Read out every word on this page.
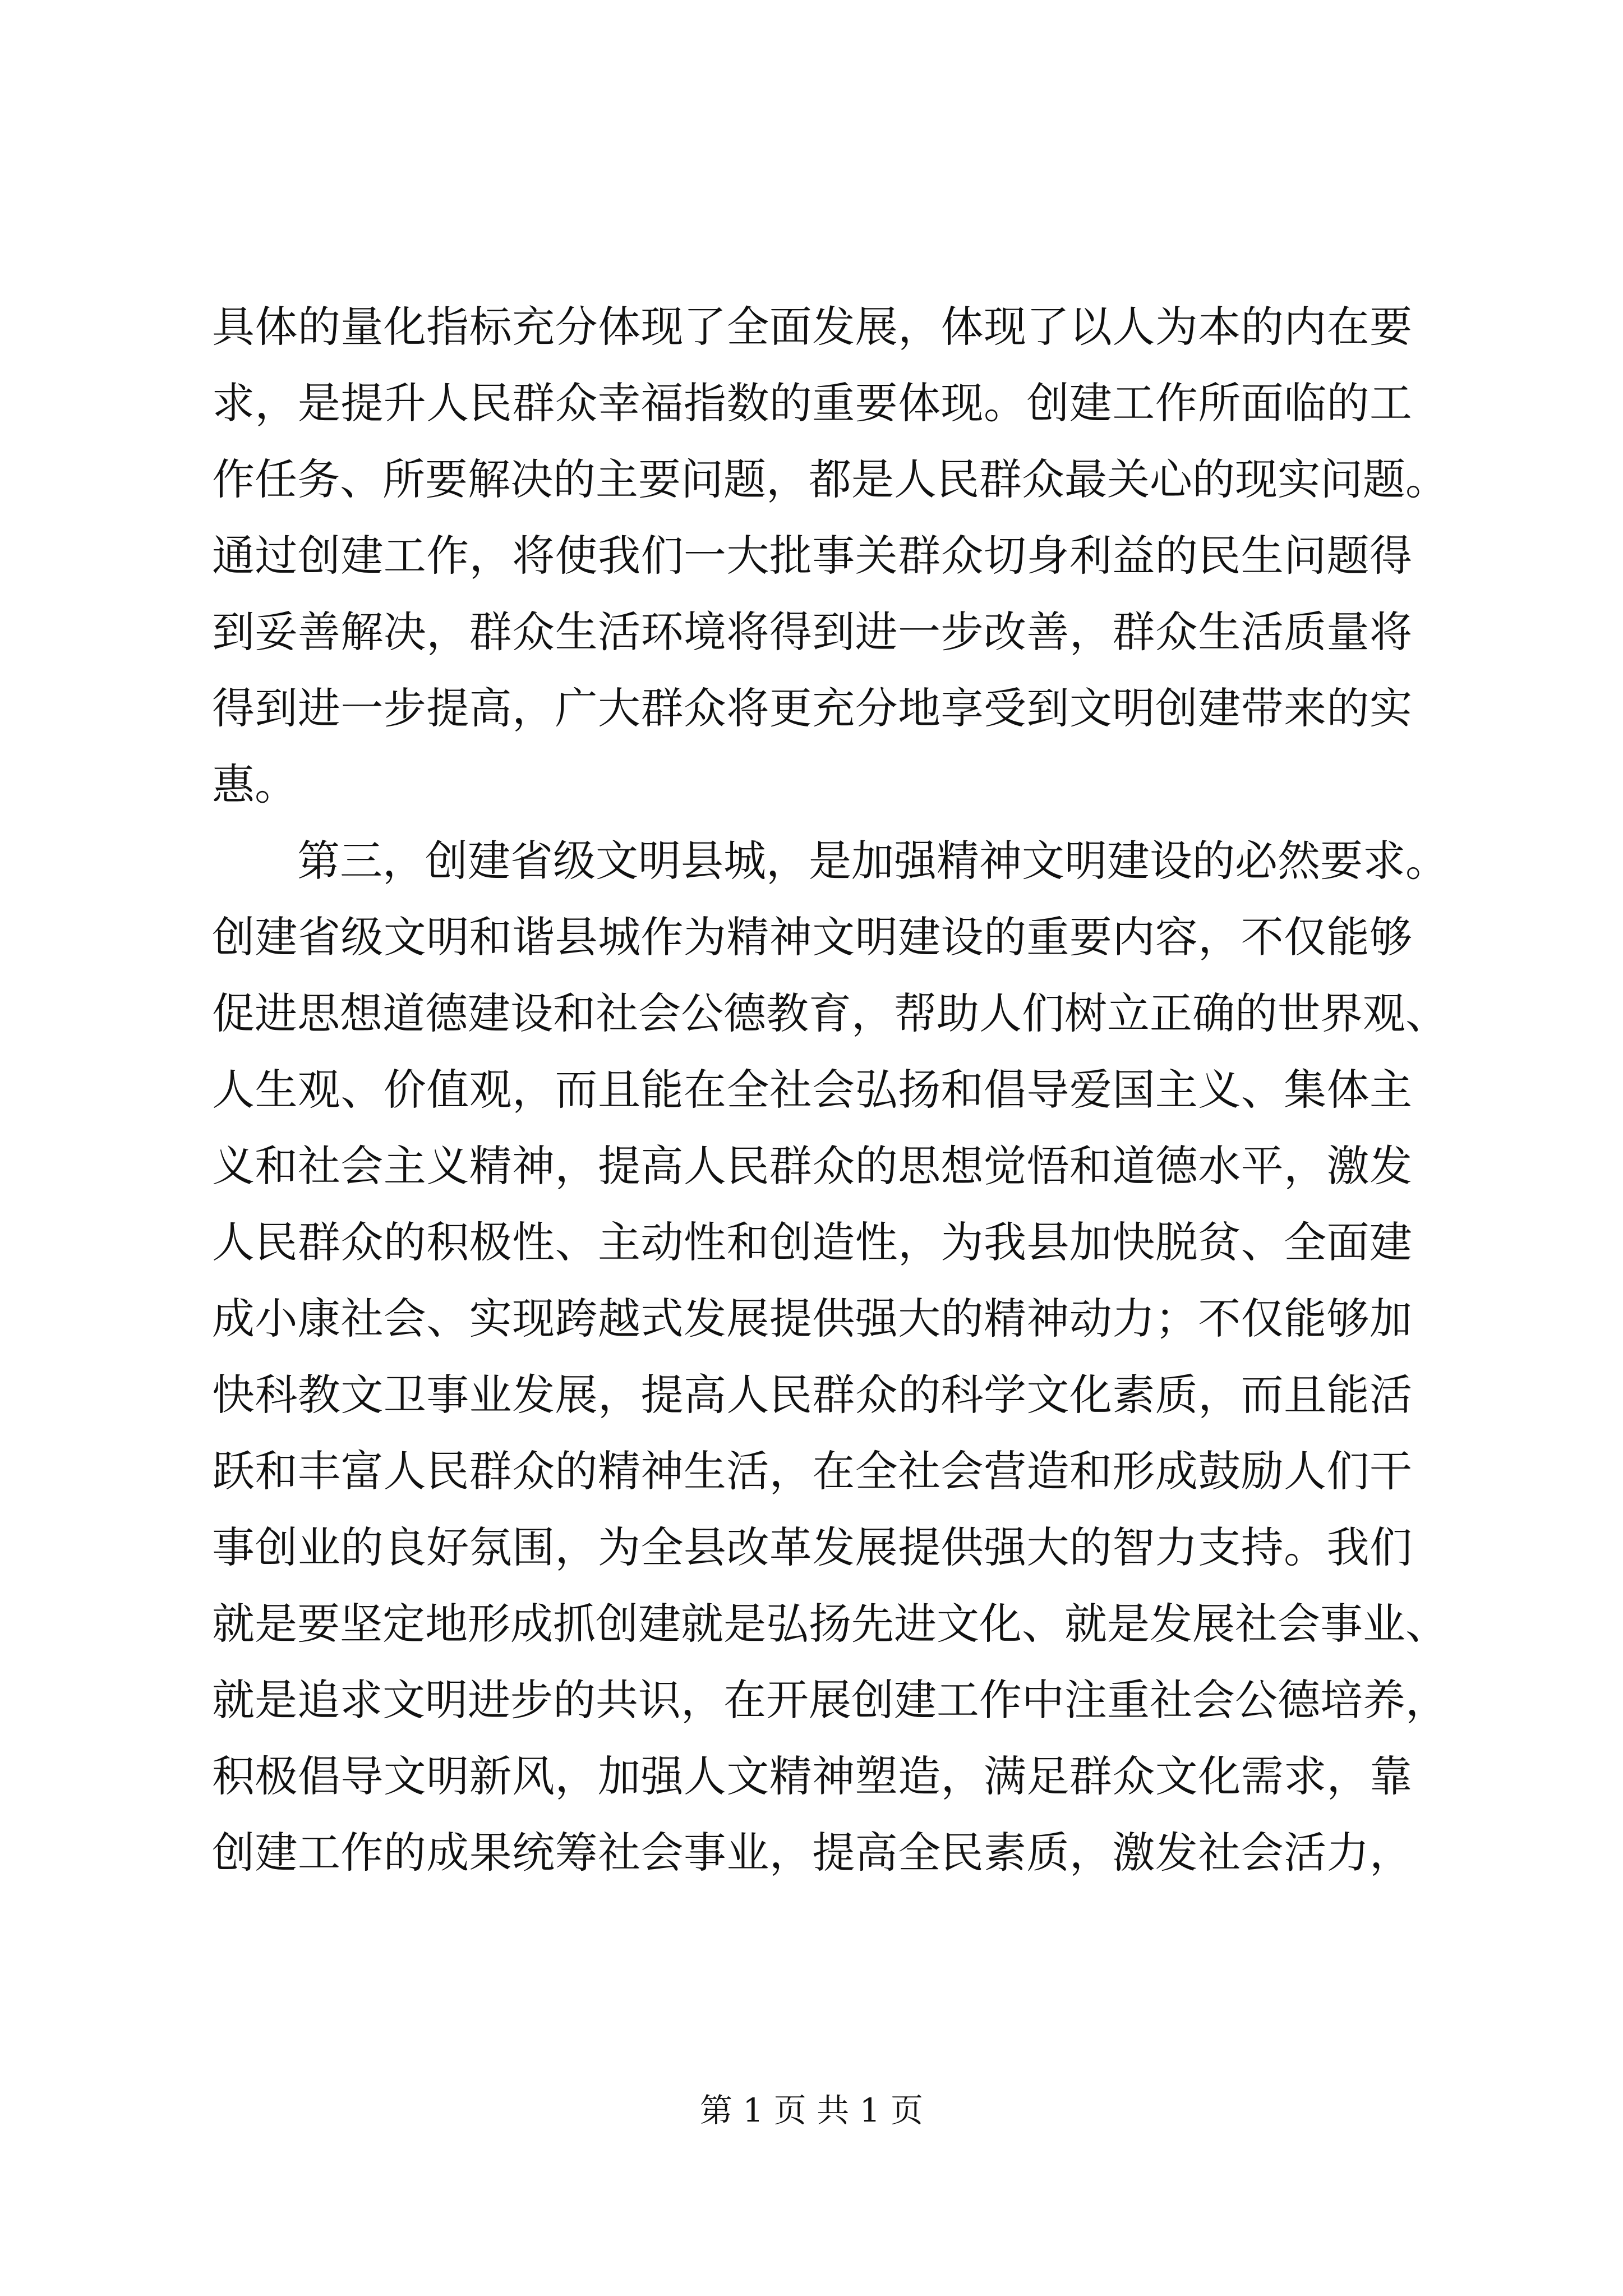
具体的量化指标充分体现了全面发展，体现了以人为本的内在要
求，是提升人民群众幸福指数的重要体现。创建工作所面临的工
作任务、所要解决的主要问题，都是人民群众最关心的现实问题。
通过创建工作，将使我们一大批事关群众切身利益的民生问题得
到妥善解决，群众生活环境将得到进一步改善，群众生活质量将
得到进一步提高，广大群众将更充分地享受到文明创建带来的实
惠。
第三，创建省级文明县城，是加强精神文明建设的必然要求。
创建省级文明和谐县城作为精神文明建设的重要内容，不仅能够
促进思想道德建设和社会公德教育，帮助人们树立正确的世界观、
人生观、价值观，而且能在全社会弘扬和倡导爱国主义、集体主
义和社会主义精神，提高人民群众的思想觉悟和道德水平，激发
人民群众的积极性、主动性和创造性，为我县加快脱贫、全面建
成小康社会、实现跨越式发展提供强大的精神动力；不仅能够加
快科教文卫事业发展，提高人民群众的科学文化素质，而且能活
跃和丰富人民群众的精神生活，在全社会营造和形成鼓励人们干
事创业的良好氛围，为全县改革发展提供强大的智力支持。我们
就是要坚定地形成抓创建就是弘扬先进文化、就是发展社会事业、
就是追求文明进步的共识，在开展创建工作中注重社会公德培养，
积极倡导文明新风，加强人文精神塑造，满足群众文化需求，靠
创建工作的成果统筹社会事业，提高全民素质，激发社会活力，
第 1 页 共 1 页
